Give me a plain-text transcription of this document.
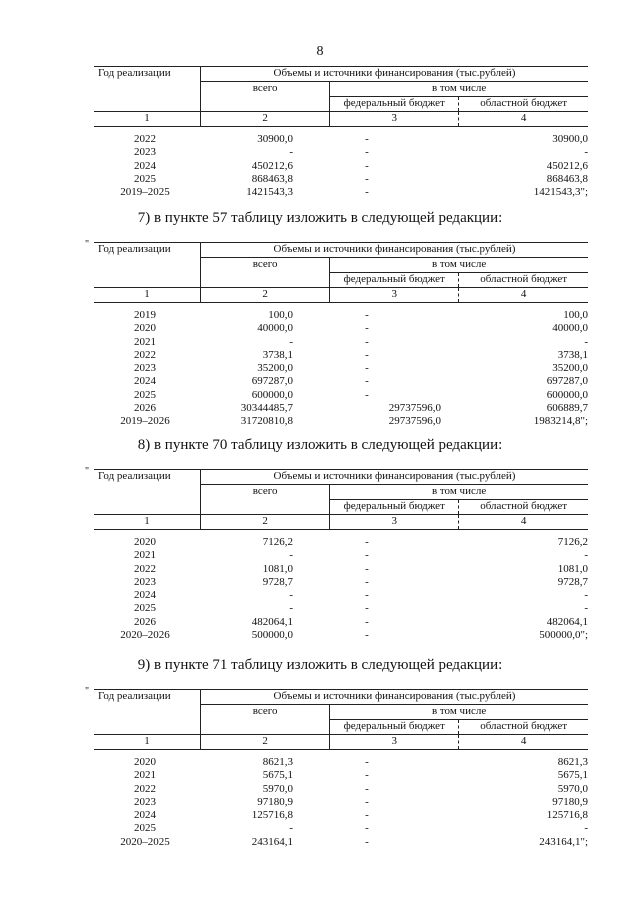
8
Год реализации	Объемы и источники финансирования (тыс.рублей)		
	всего	в том числе	
		федеральный бюджет	областной бюджет
1	2	3	4
2022	30900,0	-	30900,0
2023	-	-	-
2024	450212,6	-	450212,6
2025	868463,8	-	868463,8
2019–2025	1421543,3	-	1421543,3";
7) в пункте 57 таблицу изложить в следующей редакции:
" Год реализации	Объемы и источники финансирования (тыс.рублей)		
	всего	в том числе	
		федеральный бюджет	областной бюджет
1	2	3	4
2019	100,0	-	100,0
2020	40000,0	-	40000,0
2021	-	-	-
2022	3738,1	-	3738,1
2023	35200,0	-	35200,0
2024	697287,0	-	697287,0
2025	600000,0	-	600000,0
2026	30344485,7	29737596,0	606889,7
2019–2026	31720810,8	29737596,0	1983214,8";
8) в пункте 70 таблицу изложить в следующей редакции:
" Год реализации	Объемы и источники финансирования (тыс.рублей)		
	всего	в том числе	
		федеральный бюджет	областной бюджет
1	2	3	4
2020	7126,2	-	7126,2
2021	-	-	-
2022	1081,0	-	1081,0
2023	9728,7	-	9728,7
2024	-	-	-
2025	-	-	-
2026	482064,1	-	482064,1
2020–2026	500000,0	-	500000,0";
9) в пункте 71 таблицу изложить в следующей редакции:
" Год реализации	Объемы и источники финансирования (тыс.рублей)		
	всего	в том числе	
		федеральный бюджет	областной бюджет
1	2	3	4
2020	8621,3	-	8621,3
2021	5675,1	-	5675,1
2022	5970,0	-	5970,0
2023	97180,9	-	97180,9
2024	125716,8	-	125716,8
2025	-	-	-
2020–2025	243164,1	-	243164,1";
